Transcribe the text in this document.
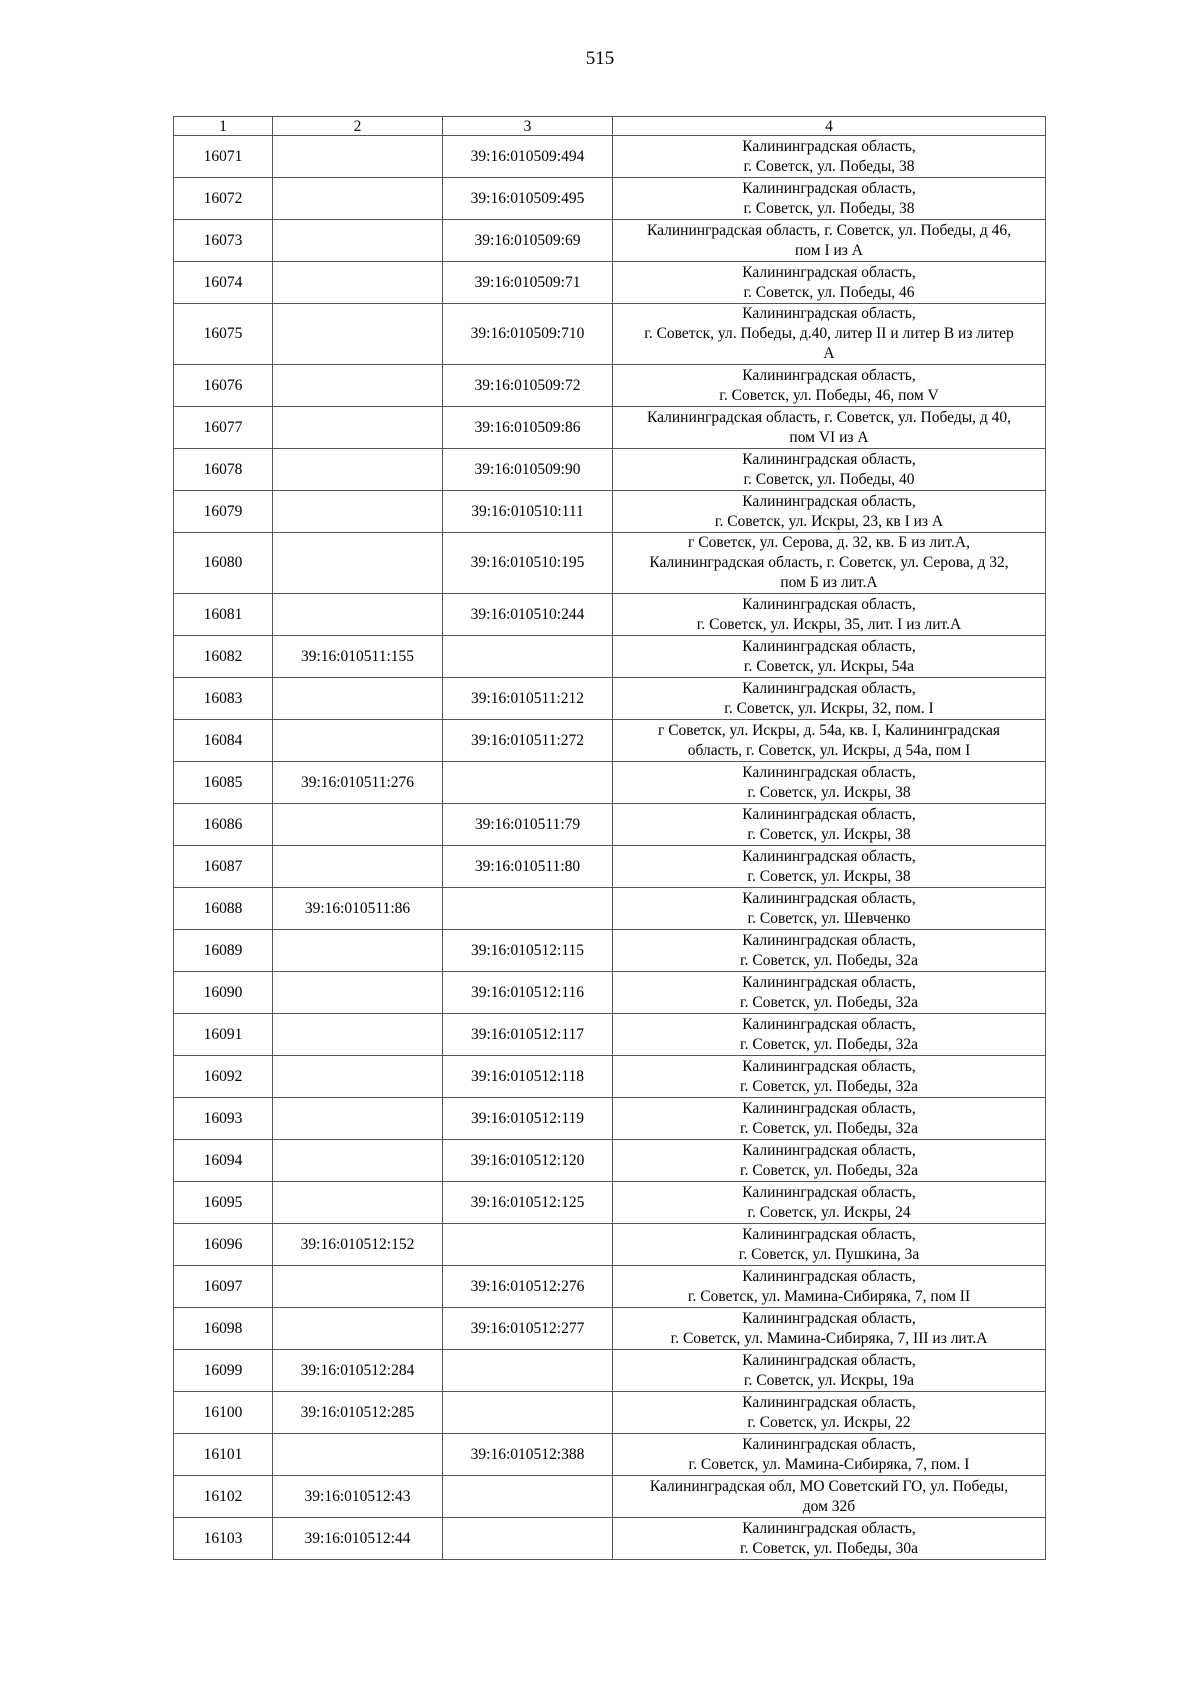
515
1	2	3	4
16071		39:16:010509:494	Калининградская область,
г. Советск, ул. Победы, 38
16072		39:16:010509:495	Калининградская область,
г. Советск, ул. Победы, 38
16073		39:16:010509:69	Калининградская область, г. Советск, ул. Победы, д 46,
пом I из А
16074		39:16:010509:71	Калининградская область,
г. Советск, ул. Победы, 46
16075		39:16:010509:710	Калининградская область,
г. Советск, ул. Победы, д.40, литер II и литер В из литер
А
16076		39:16:010509:72	Калининградская область,
г. Советск, ул. Победы, 46, пом V
16077		39:16:010509:86	Калининградская область, г. Советск, ул. Победы, д 40,
пом VI из А
16078		39:16:010509:90	Калининградская область,
г. Советск, ул. Победы, 40
16079		39:16:010510:111	Калининградская область,
г. Советск, ул. Искры, 23, кв I из А
16080		39:16:010510:195	г Советск, ул. Серова, д. 32, кв. Б из лит.А,
Калининградская область, г. Советск, ул. Серова, д 32,
пом Б из лит.А
16081		39:16:010510:244	Калининградская область,
г. Советск, ул. Искры, 35, лит. I из лит.А
16082	39:16:010511:155		Калининградская область,
г. Советск, ул. Искры, 54а
16083		39:16:010511:212	Калининградская область,
г. Советск, ул. Искры, 32, пом. I
16084		39:16:010511:272	г Советск, ул. Искры, д. 54а, кв. I, Калининградская
область, г. Советск, ул. Искры, д 54а, пом I
16085	39:16:010511:276		Калининградская область,
г. Советск, ул. Искры, 38
16086		39:16:010511:79	Калининградская область,
г. Советск, ул. Искры, 38
16087		39:16:010511:80	Калининградская область,
г. Советск, ул. Искры, 38
16088	39:16:010511:86		Калининградская область,
г. Советск, ул. Шевченко
16089		39:16:010512:115	Калининградская область,
г. Советск, ул. Победы, 32а
16090		39:16:010512:116	Калининградская область,
г. Советск, ул. Победы, 32а
16091		39:16:010512:117	Калининградская область,
г. Советск, ул. Победы, 32а
16092		39:16:010512:118	Калининградская область,
г. Советск, ул. Победы, 32а
16093		39:16:010512:119	Калининградская область,
г. Советск, ул. Победы, 32а
16094		39:16:010512:120	Калининградская область,
г. Советск, ул. Победы, 32а
16095		39:16:010512:125	Калининградская область,
г. Советск, ул. Искры, 24
16096	39:16:010512:152		Калининградская область,
г. Советск, ул. Пушкина, 3а
16097		39:16:010512:276	Калининградская область,
г. Советск, ул. Мамина-Сибиряка, 7, пом II
16098		39:16:010512:277	Калининградская область,
г. Советск, ул. Мамина-Сибиряка, 7, III из лит.А
16099	39:16:010512:284		Калининградская область,
г. Советск, ул. Искры, 19а
16100	39:16:010512:285		Калининградская область,
г. Советск, ул. Искры, 22
16101		39:16:010512:388	Калининградская область,
г. Советск, ул. Мамина-Сибиряка, 7, пом. I
16102	39:16:010512:43		Калининградская обл, МО Советский ГО, ул. Победы,
дом 32б
16103	39:16:010512:44		Калининградская область,
г. Советск, ул. Победы, 30а
